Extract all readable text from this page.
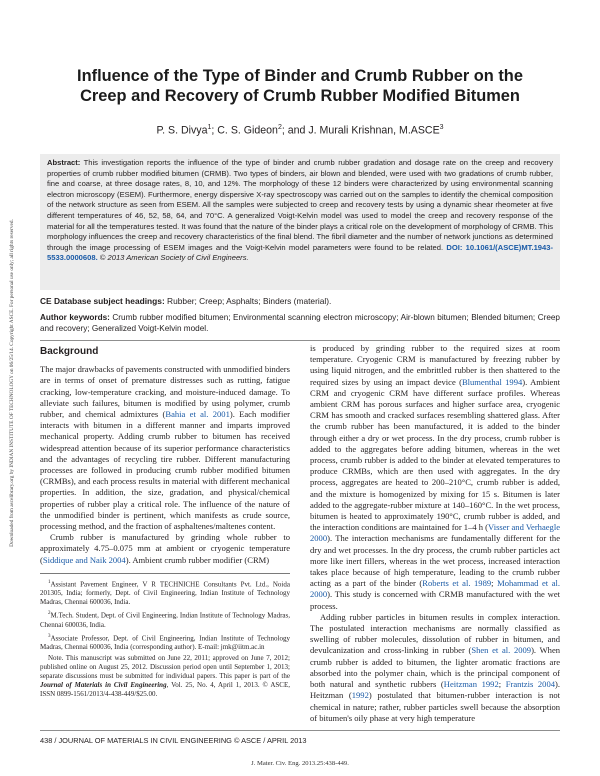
Downloaded from ascelibrary.org by INDIAN INSTITUTE OF TECHNOLOGY on 06/25/14. Copyright ASCE. For personal use only; all rights reserved.
Influence of the Type of Binder and Crumb Rubber on the
Creep and Recovery of Crumb Rubber Modified Bitumen
P. S. Divya$^1$; C. S. Gideon$^2$; and J. Murali Krishnan, M.ASCE$^3$
Abstract: This investigation reports the influence of the type of binder and crumb rubber gradation and dosage rate on the creep and recovery properties of crumb rubber modified bitumen (CRMB). Two types of binders, air blown and blended, were used with two gradations of crumb rubber, fine and coarse, at three dosage rates, 8, 10, and 12%. The morphology of these 12 binders were characterized by using environmental scanning electron microscopy (ESEM). Furthermore, energy dispersive X-ray spectroscopy was carried out on the samples to identify the chemical composition of the network structure as seen from ESEM. All the samples were subjected to creep and recovery tests by using a dynamic shear rheometer at five different temperatures of 46, 52, 58, 64, and 70°C. A generalized Voigt-Kelvin model was used to model the creep and recovery response of the material for all the temperatures tested. It was found that the nature of the binder plays a critical role on the development of morphology of CRMB. This morphology influences the creep and recovery characteristics of the final blend. The fibril diameter and the number of network junctions as determined through the image processing of ESEM images and the Voigt-Kelvin model parameters were found to be related. DOI: 10.1061/(ASCE)MT.1943-5533.0000608. © 2013 American Society of Civil Engineers.
CE Database subject headings: Rubber; Creep; Asphalts; Binders (material).
Author keywords: Crumb rubber modified bitumen; Environmental scanning electron microscopy; Air-blown bitumen; Blended bitumen; Creep and recovery; Generalized Voigt-Kelvin model.
Background

The major drawbacks of pavements constructed with unmodified binders are in terms of onset of premature distresses such as rutting, fatigue cracking, low-temperature cracking, and moisture-induced damage. To alleviate such failures, bitumen is modified by using polymer, crumb rubber, and chemical admixtures (Bahia et al. 2001). Each modifier interacts with bitumen in a different manner and imparts improved mechanical property. Adding crumb rubber to bitumen has received widespread attention because of its superior performance characteristics and the advantages of recycling tire rubber. Different manufacturing processes are followed in producing crumb rubber modified bitumen (CRMBs), and each process results in material with different mechanical properties. In addition, the size, gradation, and physical/chemical properties of rubber play a critical role. The influence of the nature of the unmodified binder is pertinent, which manifests as crude source, processing method, and the fraction of asphaltenes/maltenes content.

Crumb rubber is manufactured by grinding whole rubber to approximately 4.75–0.075 mm at ambient or cryogenic temperature (Siddique and Naik 2004). Ambient crumb rubber modifier (CRM)

$^1$Assistant Pavement Engineer, V R TECHNICHE Consultants Pvt. Ltd., Noida 201305, India; formerly, Dept. of Civil Engineering, Indian Institute of Technology Madras, Chennai 600036, India.

$^2$M.Tech. Student, Dept. of Civil Engineering, Indian Institute of Technology Madras, Chennai 600036, India.

$^3$Associate Professor, Dept. of Civil Engineering, Indian Institute of Technology Madras, Chennai 600036, India (corresponding author). E-mail: jmk@iitm.ac.in

Note. This manuscript was submitted on June 22, 2011; approved on June 7, 2012; published online on August 25, 2012. Discussion period open until September 1, 2013; separate discussions must be submitted for individual papers. This paper is part of the Journal of Materials in Civil Engineering, Vol. 25, No. 4, April 1, 2013. © ASCE, ISSN 0899-1561/2013/4-438-449/$25.00.

is produced by grinding rubber to the required sizes at room temperature. Cryogenic CRM is manufactured by freezing rubber by using liquid nitrogen, and the embrittled rubber is then shattered to the required sizes by using an impact device (Blumenthal 1994). Ambient CRM and cryogenic CRM have different surface profiles. Whereas ambient CRM has porous surfaces and higher surface area, cryogenic CRM has smooth and cracked surfaces resembling shattered glass. After the crumb rubber has been manufactured, it is added to the binder through either a dry or wet process. In the dry process, crumb rubber is added to the aggregates before adding bitumen, whereas in the wet process, crumb rubber is added to the binder at elevated temperatures to produce CRMBs, which are then used with aggregates. In the dry process, aggregates are heated to 200–210°C, crumb rubber is added, and the mixture is homogenized by mixing for 15 s. Bitumen is later added to the aggregate-rubber mixture at 140–160°C. In the wet process, bitumen is heated to approximately 190°C, crumb rubber is added, and the interaction conditions are maintained for 1–4 h (Visser and Verhaegle 2000). The interaction mechanisms are fundamentally different for the dry and wet processes. In the dry process, the crumb rubber particles act more like inert fillers, whereas in the wet process, increased interaction takes place because of high temperature, leading to the crumb rubber acting as a part of the binder (Roberts et al. 1989; Mohammad et al. 2000). This study is concerned with CRMB manufactured with the wet process.

Adding rubber particles in bitumen results in complex interaction. The postulated interaction mechanisms are normally classified as swelling of rubber molecules, dissolution of rubber in bitumen, and devulcanization and cross-linking in rubber (Shen et al. 2009). When crumb rubber is added to bitumen, the lighter aromatic fractions are absorbed into the polymer chain, which is the principal component of both natural and synthetic rubbers (Heitzman 1992; Frantzis 2004). Heitzman (1992) postulated that bitumen-rubber interaction is not chemical in nature; rather, rubber particles swell because the absorption of bitumen's oily phase at very high temperature

438 / JOURNAL OF MATERIALS IN CIVIL ENGINEERING © ASCE / APRIL 2013
J. Mater. Civ. Eng. 2013.25:438-449.
